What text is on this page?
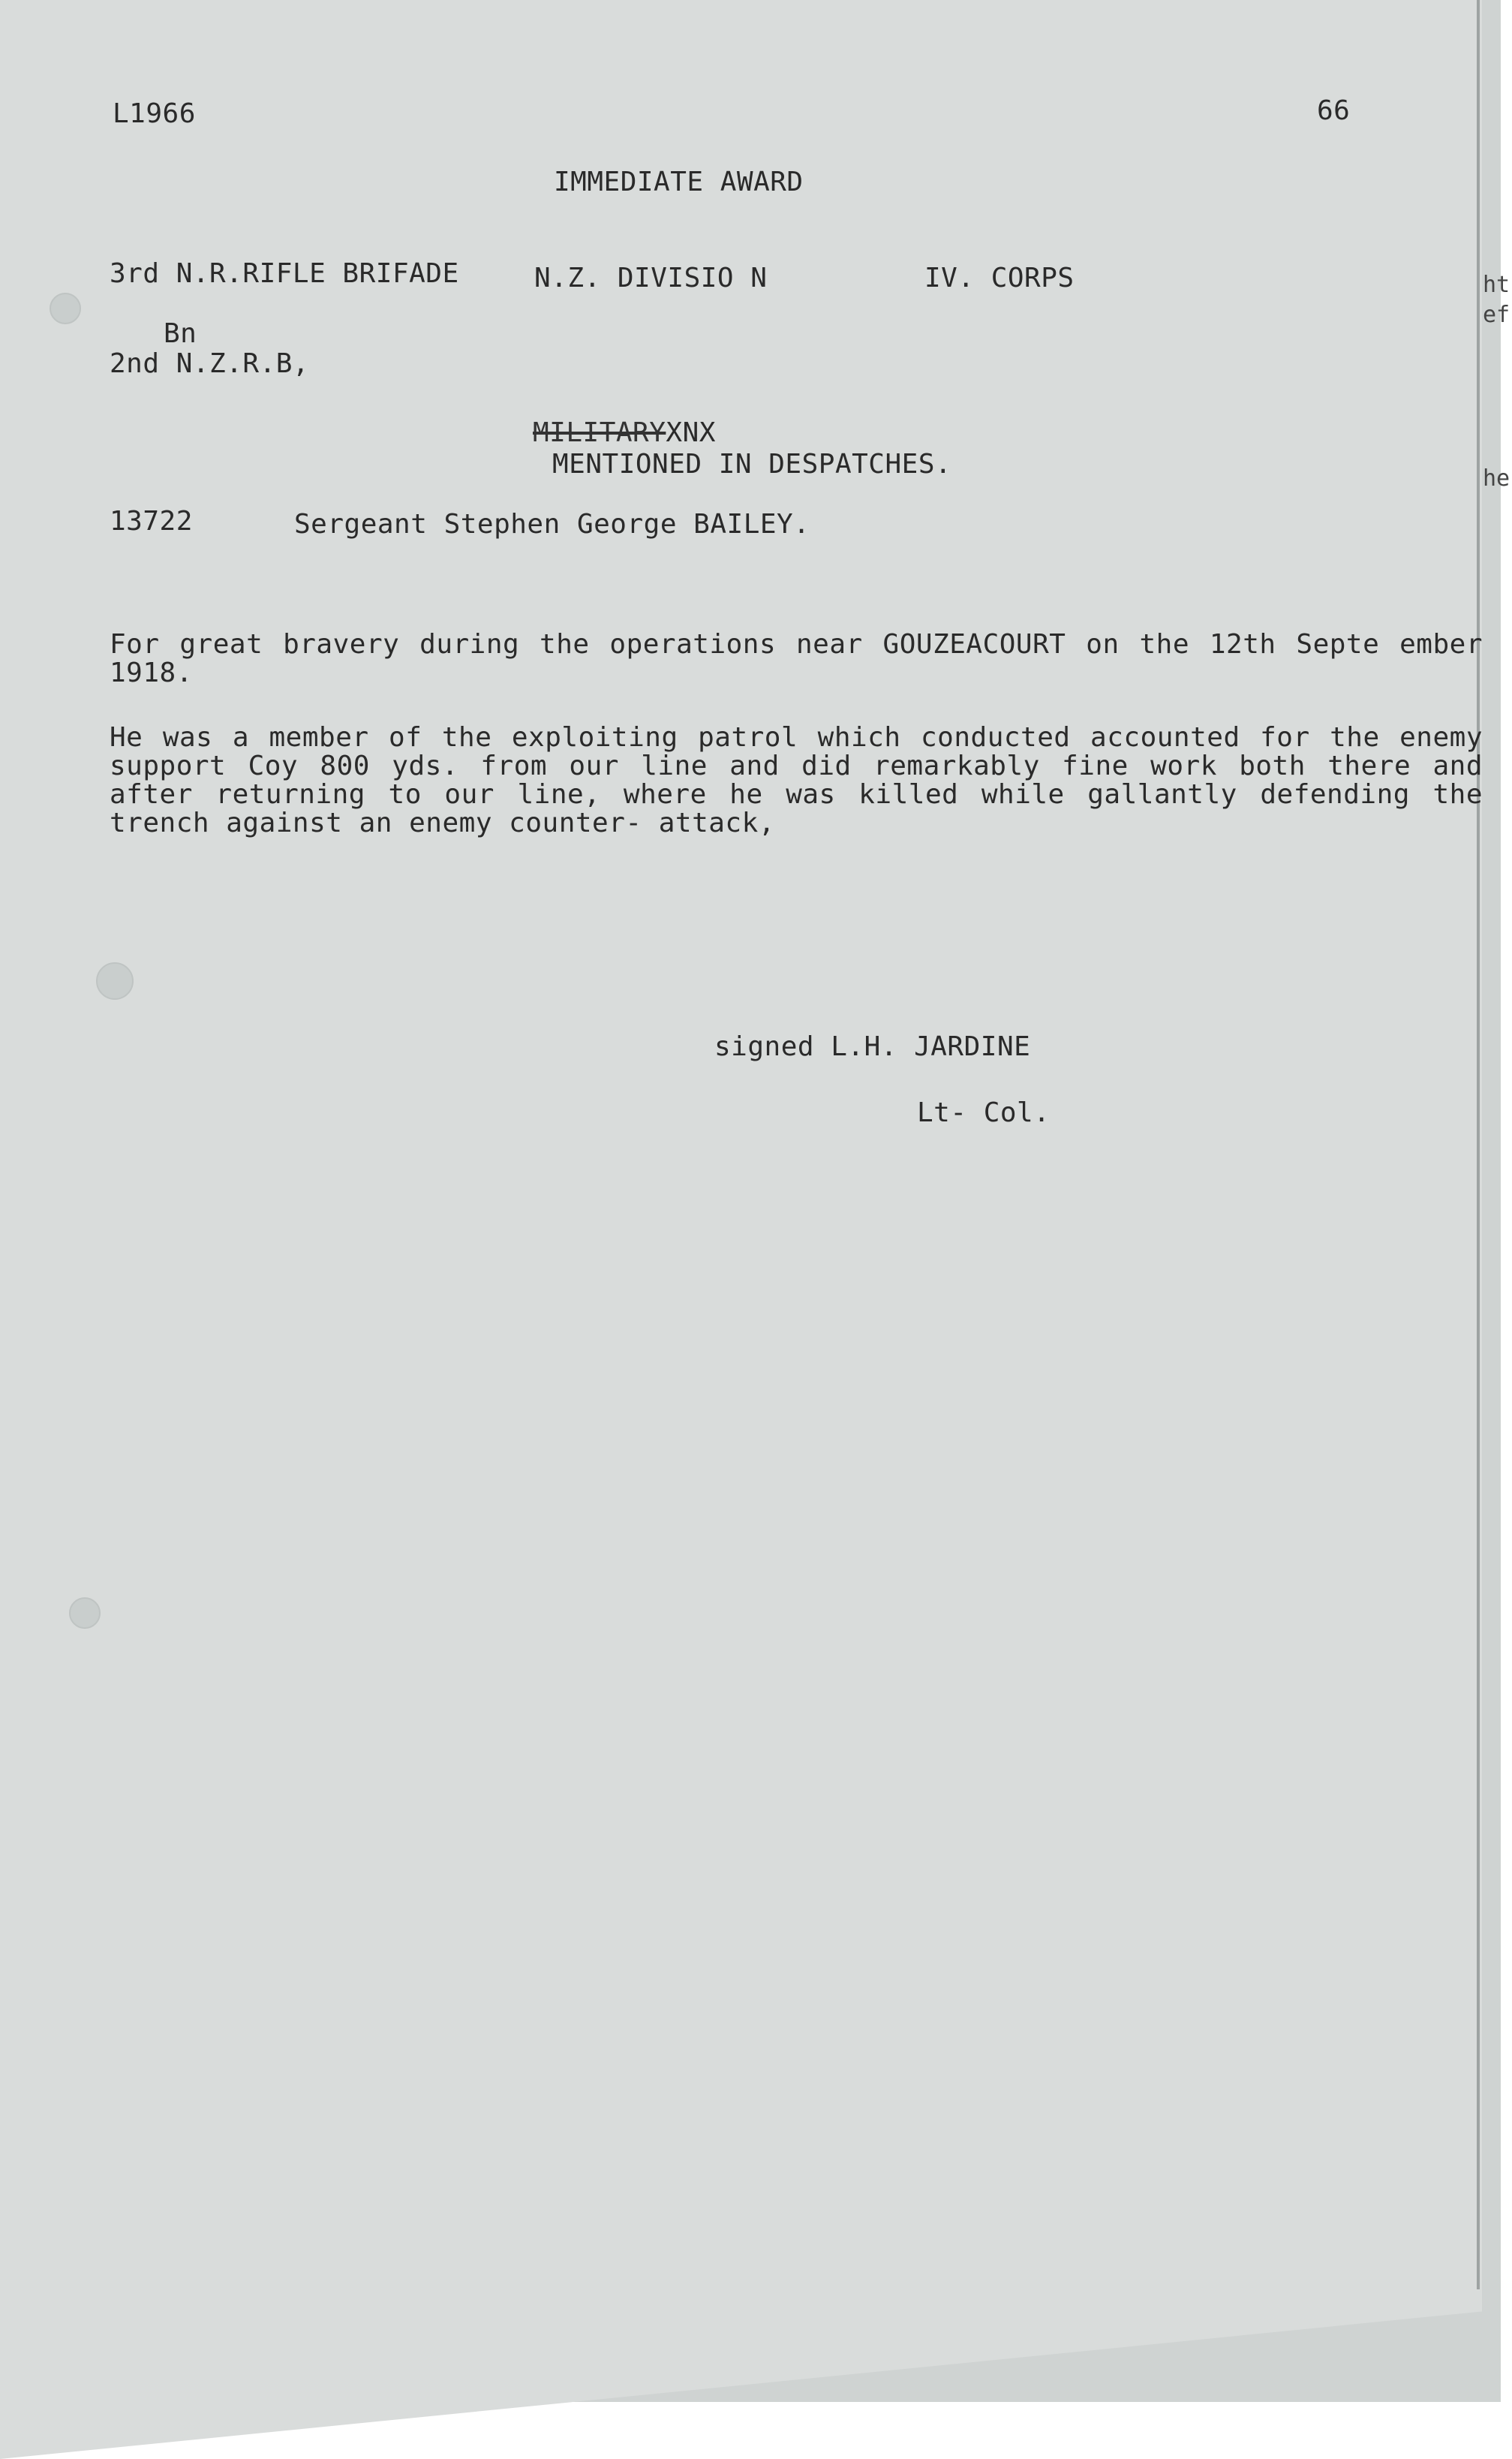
ht
ef
he
L1966	66
IMMEDIATE AWARD
3rd N.R.RIFLE BRIFADE	N.Z. DIVISIO N	IV. CORPS
Bn
2nd N.Z.R.B,
MILITARYXNX
MENTIONED IN DESPATCHES.
13722	Sergeant Stephen George BAILEY.
For great bravery during the operations near GOUZEACOURT on the 12th Septe ember 1918.
He was a member of the exploiting patrol which conducted accounted for the enemy support Coy 800 yds. from our line and did remarkably fine work both there and after returning to our line, where he was killed while gallantly defending the trench against an enemy counter- attack,
signed L.H. JARDINE
Lt- Col.
